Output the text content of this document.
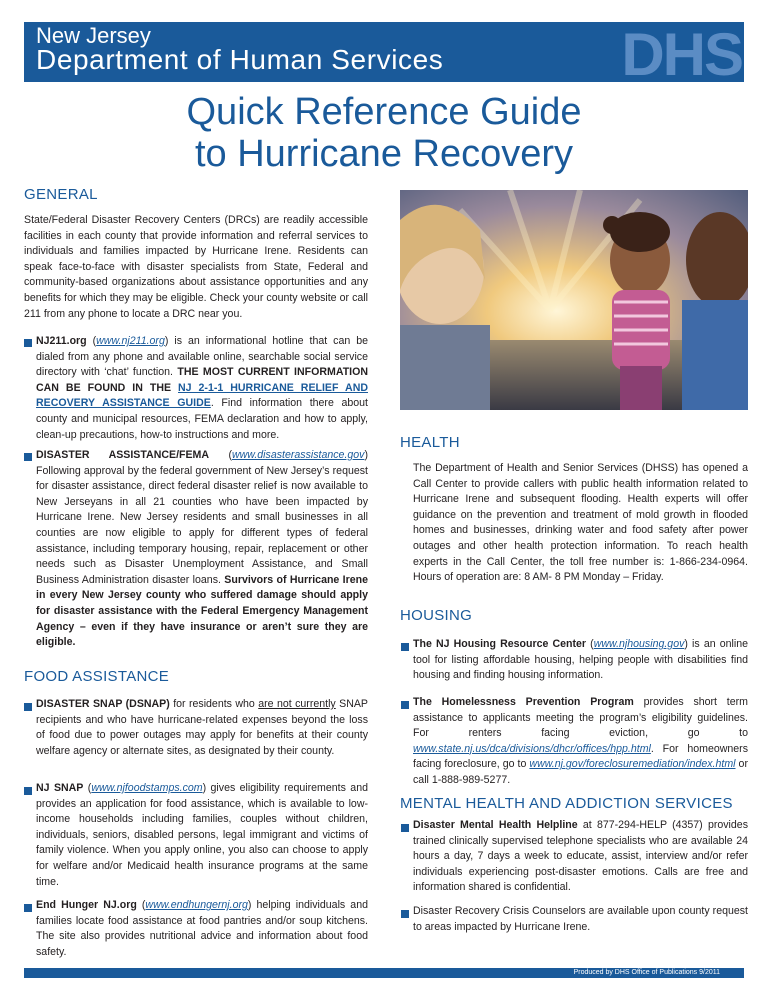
New Jersey
Department of Human Services	DHS
Quick Reference Guide
to Hurricane Recovery
GENERAL
State/Federal Disaster Recovery Centers (DRCs) are readily accessible facilities in each county that provide information and referral services to individuals and families impacted by Hurricane Irene. Residents can speak face-to-face with disaster specialists from State, Federal and community-based organizations about assistance opportunities and any benefits for which they may be eligible. Check your county website or call 211 from any phone to locate a DRC near you.
NJ211.org (www.nj211.org) is an informational hotline that can be dialed from any phone and available online, searchable social service directory with ‘chat’ function. THE MOST CURRENT INFORMATION CAN BE FOUND IN THE NJ 2-1-1 HURRICANE RELIEF AND RECOVERY ASSISTANCE GUIDE. Find information there about county and municipal resources, FEMA declaration and how to apply, clean-up precautions, how-to instructions and more.
DISASTER ASSISTANCE/FEMA (www.disasterassistance.gov) Following approval by the federal government of New Jersey’s request for disaster assistance, direct federal disaster relief is now available to New Jerseyans in all 21 counties who have been impacted by Hurricane Irene. New Jersey residents and small businesses in all counties are now eligible to apply for different types of federal assistance, including temporary housing, repair, replacement or other needs such as Disaster Unemployment Assistance, and Small Business Administration disaster loans. Survivors of Hurricane Irene in every New Jersey county who suffered damage should apply for disaster assistance with the Federal Emergency Management Agency – even if they have insurance or aren’t sure they are eligible.
FOOD ASSISTANCE
DISASTER SNAP (DSNAP) for residents who are not currently SNAP recipients and who have hurricane-related expenses beyond the loss of food due to power outages may apply for benefits at their county welfare agency or alternate sites, as designated by their county.
NJ SNAP (www.njfoodstamps.com) gives eligibility requirements and provides an application for food assistance, which is available to low-income households including families, couples without children, individuals, seniors, disabled persons, legal immigrant and victims of family violence. When you apply online, you also can choose to apply for welfare and/or Medicaid health insurance programs at the same time.
End Hunger NJ.org (www.endhungernj.org) helping individuals and families locate food assistance at food pantries and/or soup kitchens. The site also provides nutritional advice and information about food safety.
HEALTH
The Department of Health and Senior Services (DHSS) has opened a Call Center to provide callers with public health information related to Hurricane Irene and subsequent flooding. Health experts will offer guidance on the prevention and treatment of mold growth in flooded homes and businesses, drinking water and food safety after power outages and other health protection information. To reach health experts in the Call Center, the toll free number is: 1-866-234-0964. Hours of operation are: 8 AM- 8 PM Monday – Friday.
HOUSING
The NJ Housing Resource Center (www.njhousing.gov) is an online tool for listing affordable housing, helping people with disabilities find housing and finding housing information.
The Homelessness Prevention Program provides short term assistance to applicants meeting the program’s eligibility guidelines. For renters facing eviction, go to www.state.nj.us/dca/divisions/dhcr/offices/hpp.html. For homeowners facing foreclosure, go to www.nj.gov/foreclosuremediation/index.html or call 1-888-989-5277.
MENTAL HEALTH AND ADDICTION SERVICES
Disaster Mental Health Helpline at 877-294-HELP (4357) provides trained clinically supervised telephone specialists who are available 24 hours a day, 7 days a week to educate, assist, interview and/or refer individuals experiencing post-disaster emotions. Calls are free and information shared is confidential.
Disaster Recovery Crisis Counselors are available upon county request to areas impacted by Hurricane Irene.
Produced by DHS Office of Publications 9/2011
